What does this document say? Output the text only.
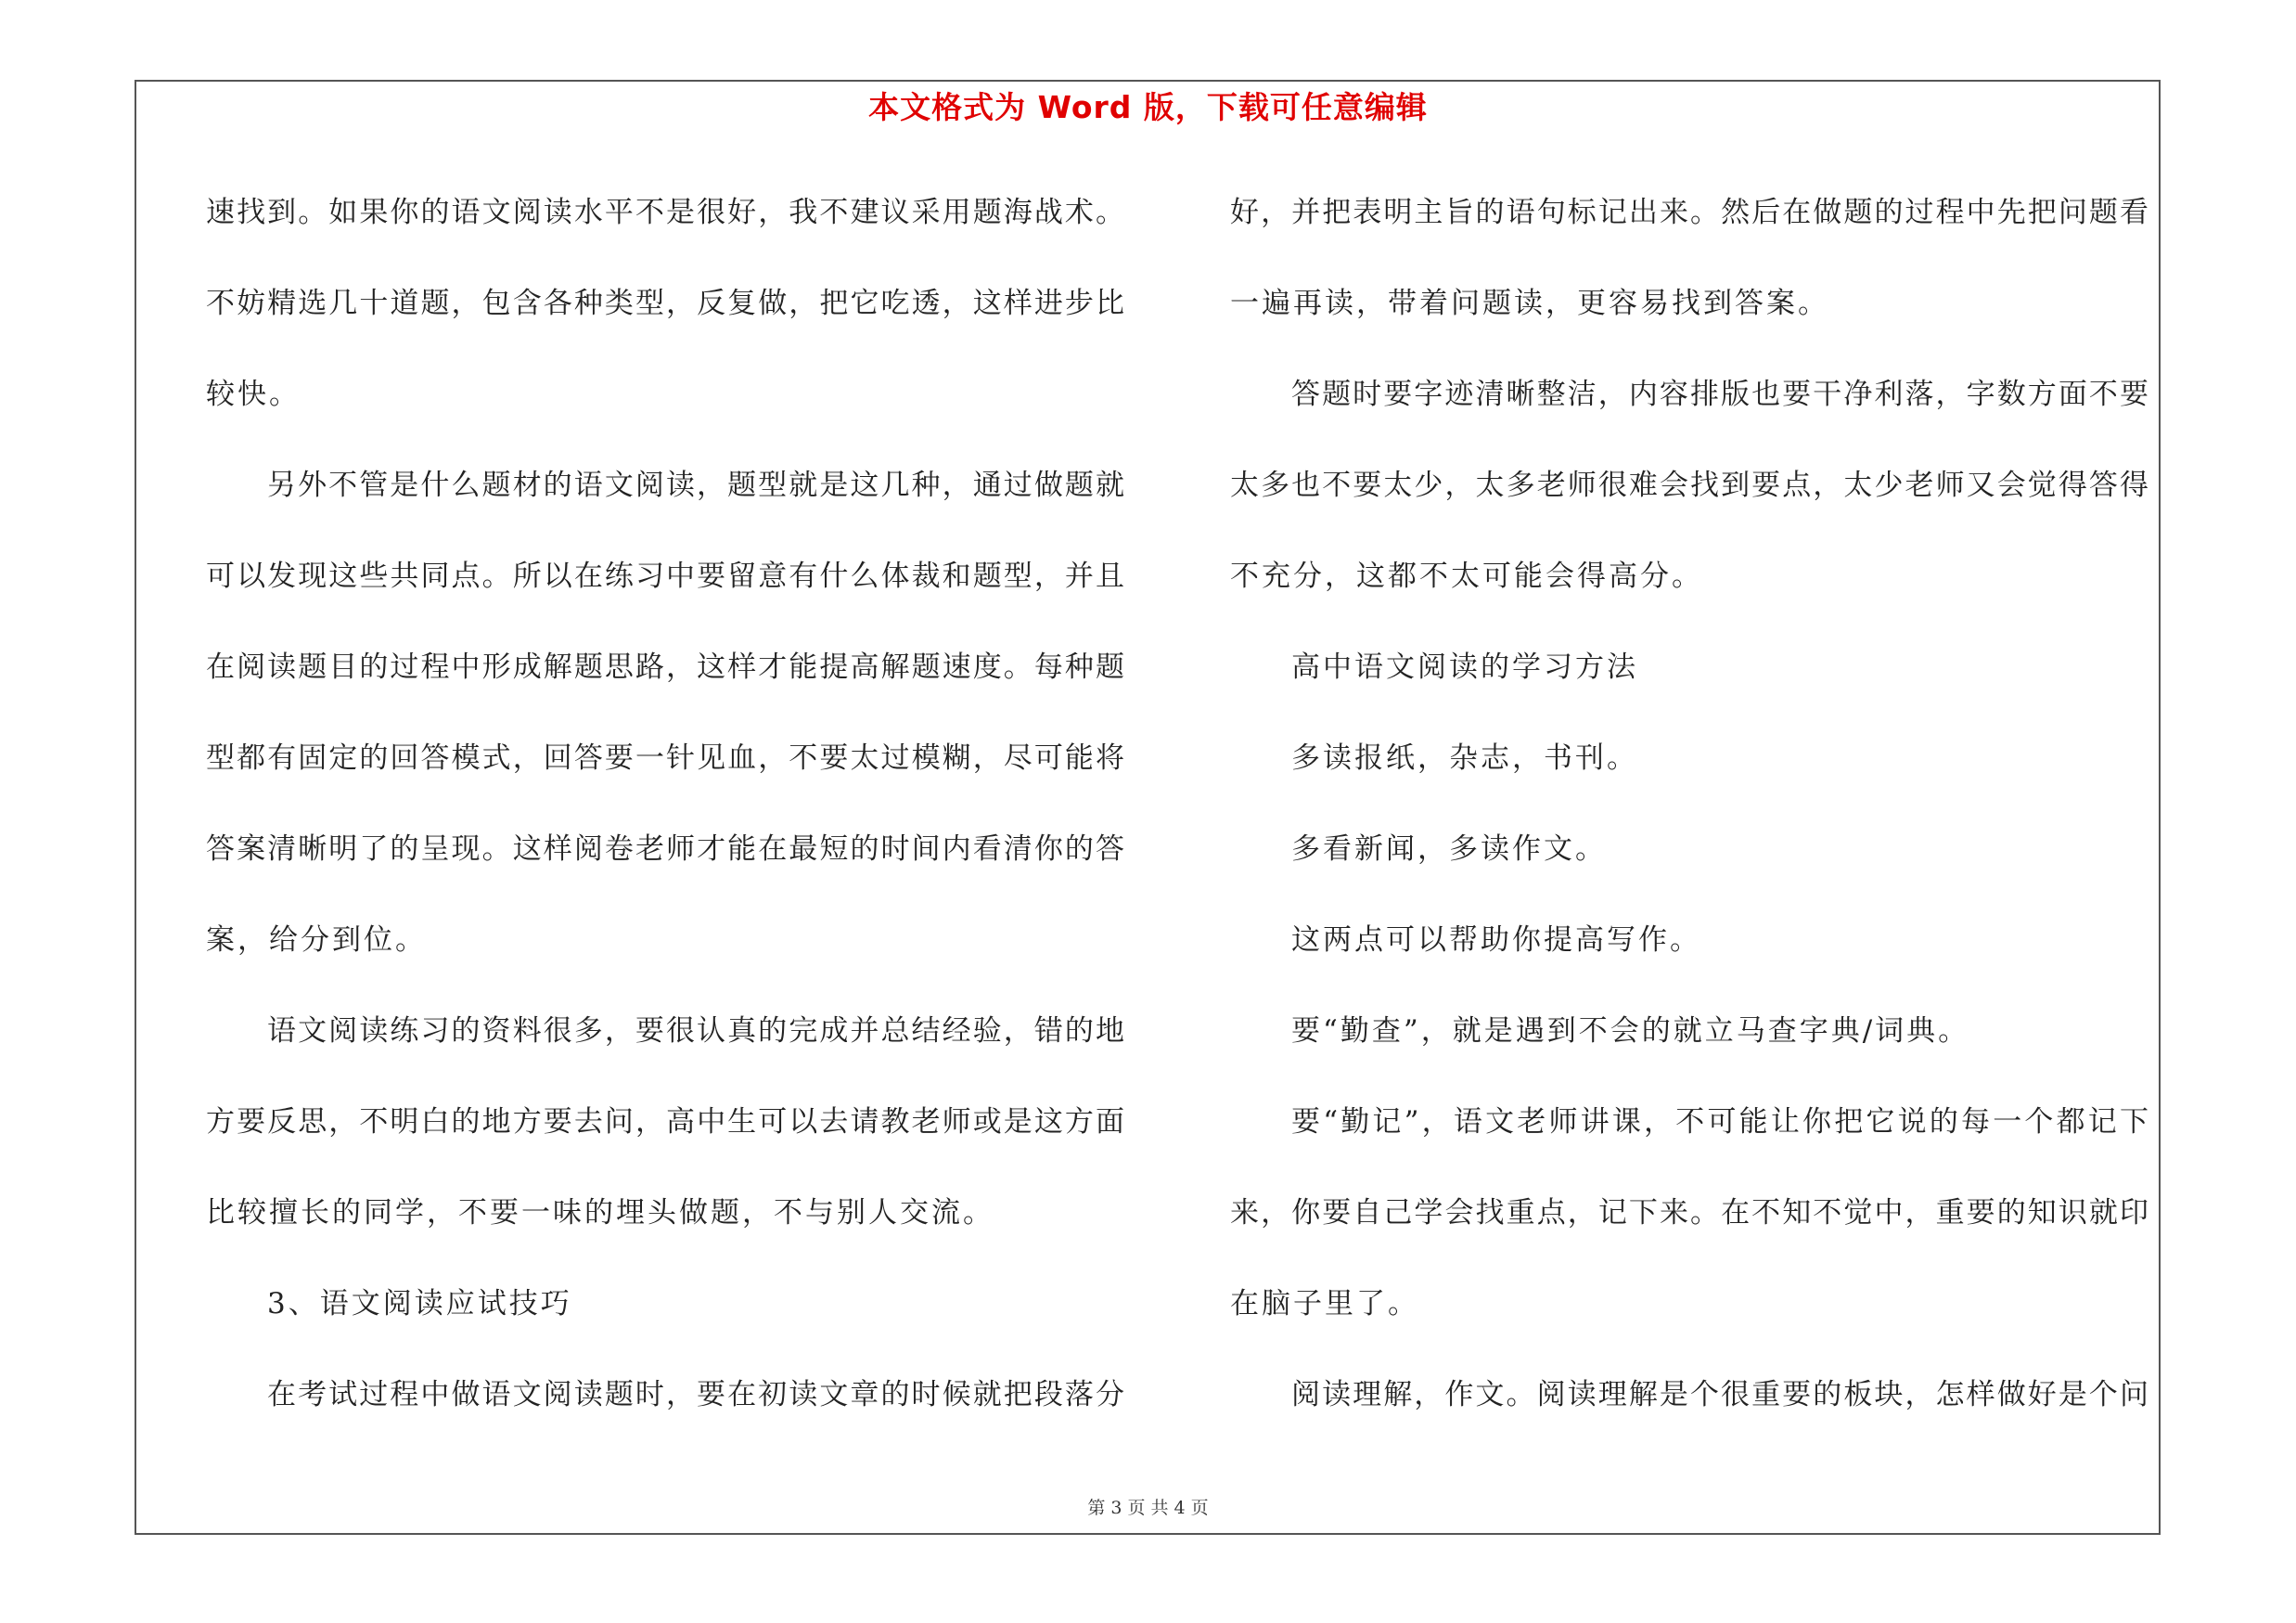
本文格式为 Word 版，下载可任意编辑
速找到。如果你的语文阅读水平不是很好，我不建议采用题海战术。
不妨精选几十道题，包含各种类型，反复做，把它吃透，这样进步比
较快。
另外不管是什么题材的语文阅读，题型就是这几种，通过做题就
可以发现这些共同点。所以在练习中要留意有什么体裁和题型，并且
在阅读题目的过程中形成解题思路，这样才能提高解题速度。每种题
型都有固定的回答模式，回答要一针见血，不要太过模糊，尽可能将
答案清晰明了的呈现。这样阅卷老师才能在最短的时间内看清你的答
案，给分到位。
语文阅读练习的资料很多，要很认真的完成并总结经验，错的地
方要反思，不明白的地方要去问，高中生可以去请教老师或是这方面
比较擅长的同学，不要一味的埋头做题，不与别人交流。
3、语文阅读应试技巧
在考试过程中做语文阅读题时，要在初读文章的时候就把段落分
好，并把表明主旨的语句标记出来。然后在做题的过程中先把问题看
一遍再读，带着问题读，更容易找到答案。
答题时要字迹清晰整洁，内容排版也要干净利落，字数方面不要
太多也不要太少，太多老师很难会找到要点，太少老师又会觉得答得
不充分，这都不太可能会得高分。
高中语文阅读的学习方法
多读报纸，杂志，书刊。
多看新闻，多读作文。
这两点可以帮助你提高写作。
要“勤查”，就是遇到不会的就立马查字典/词典。
要“勤记”，语文老师讲课，不可能让你把它说的每一个都记下
来，你要自己学会找重点，记下来。在不知不觉中，重要的知识就印
在脑子里了。
阅读理解，作文。阅读理解是个很重要的板块，怎样做好是个问
第 3 页 共 4 页
